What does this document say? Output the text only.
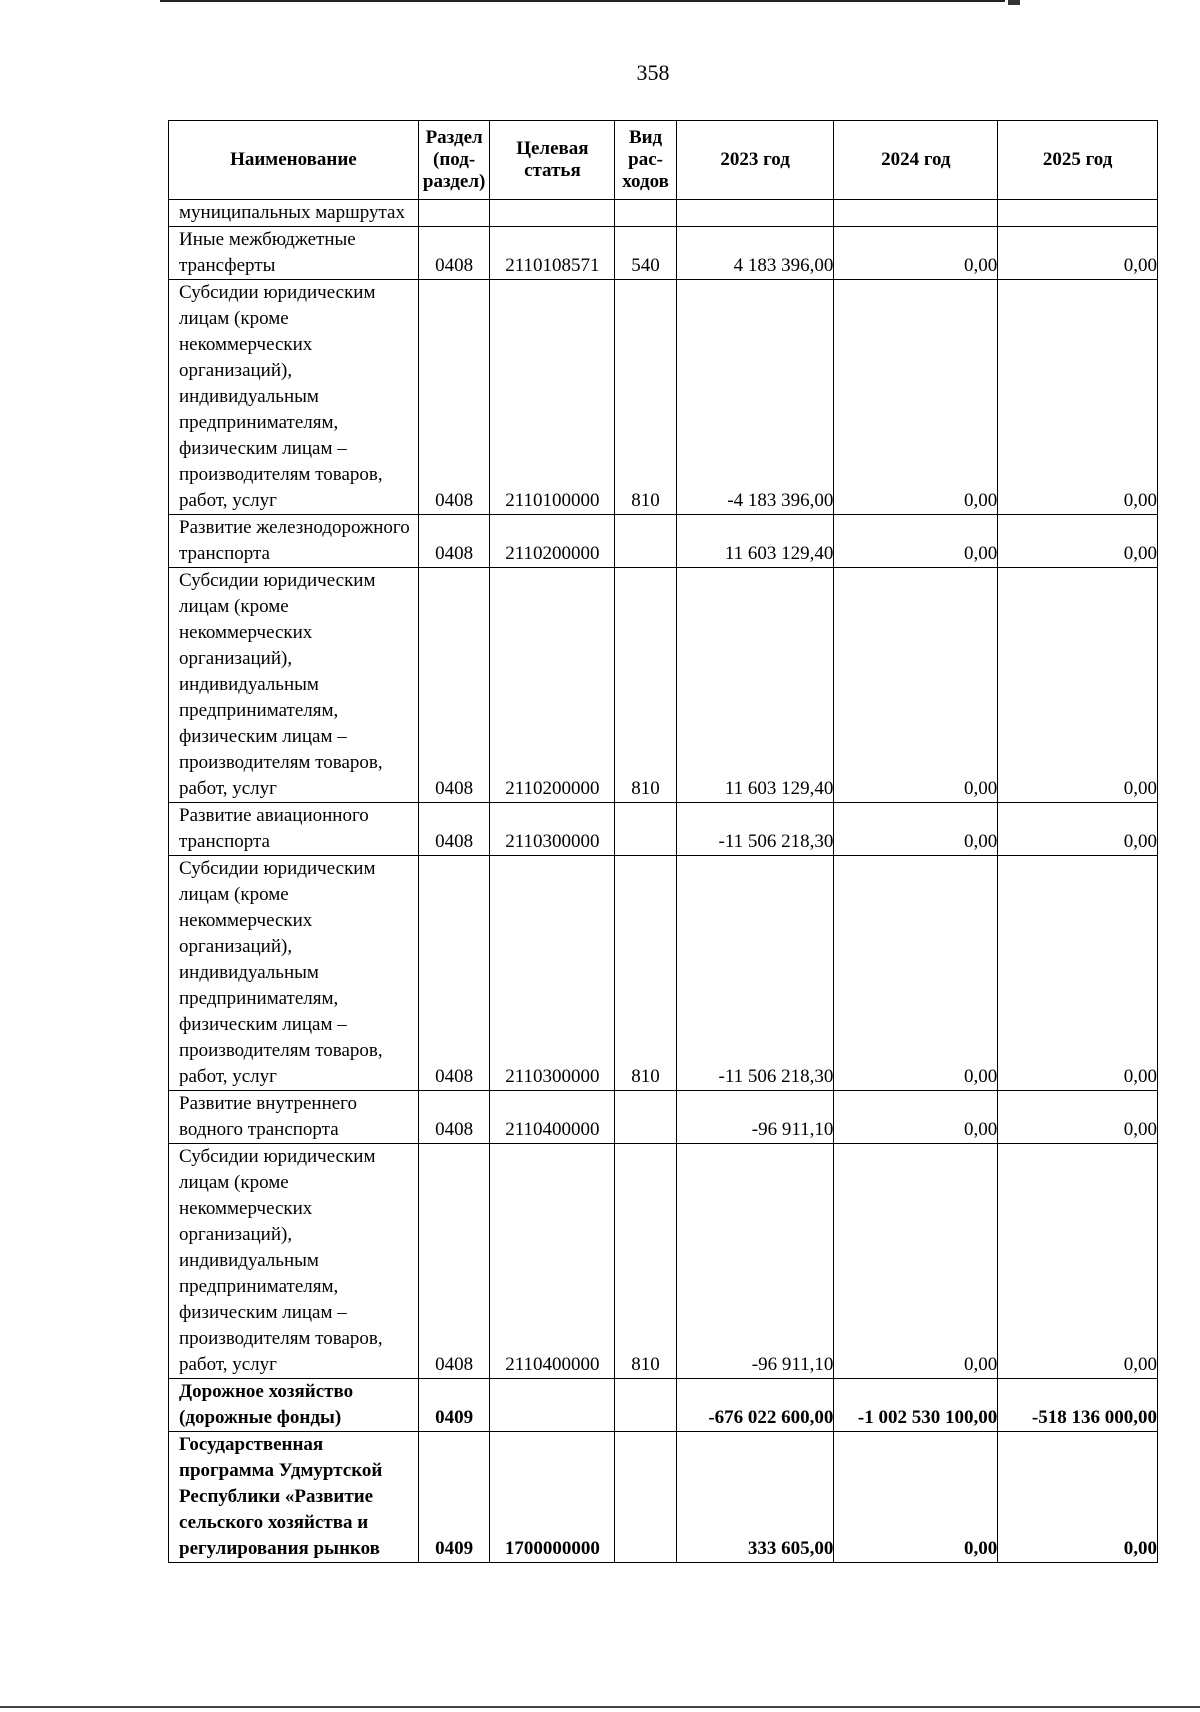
358
Наименование	Раздел (под-раздел)	Целевая статья	Вид рас-ходов	2023 год	2024 год	2025 год
муниципальных маршрутах						
Иные межбюджетные трансферты	0408	2110108571	540	4 183 396,00	0,00	0,00
Субсидии юридическим лицам (кроме некоммерческих организаций), индивидуальным предпринимателям, физическим лицам – производителям товаров, работ, услуг	0408	2110100000	810	-4 183 396,00	0,00	0,00
Развитие железнодорожного транспорта	0408	2110200000		11 603 129,40	0,00	0,00
Субсидии юридическим лицам (кроме некоммерческих организаций), индивидуальным предпринимателям, физическим лицам – производителям товаров, работ, услуг	0408	2110200000	810	11 603 129,40	0,00	0,00
Развитие авиационного транспорта	0408	2110300000		-11 506 218,30	0,00	0,00
Субсидии юридическим лицам (кроме некоммерческих организаций), индивидуальным предпринимателям, физическим лицам – производителям товаров, работ, услуг	0408	2110300000	810	-11 506 218,30	0,00	0,00
Развитие внутреннего водного транспорта	0408	2110400000		-96 911,10	0,00	0,00
Субсидии юридическим лицам (кроме некоммерческих организаций), индивидуальным предпринимателям, физическим лицам – производителям товаров, работ, услуг	0408	2110400000	810	-96 911,10	0,00	0,00
Дорожное хозяйство (дорожные фонды)	0409			-676 022 600,00	-1 002 530 100,00	-518 136 000,00
Государственная программа Удмуртской Республики «Развитие сельского хозяйства и регулирования рынков	0409	1700000000		333 605,00	0,00	0,00
